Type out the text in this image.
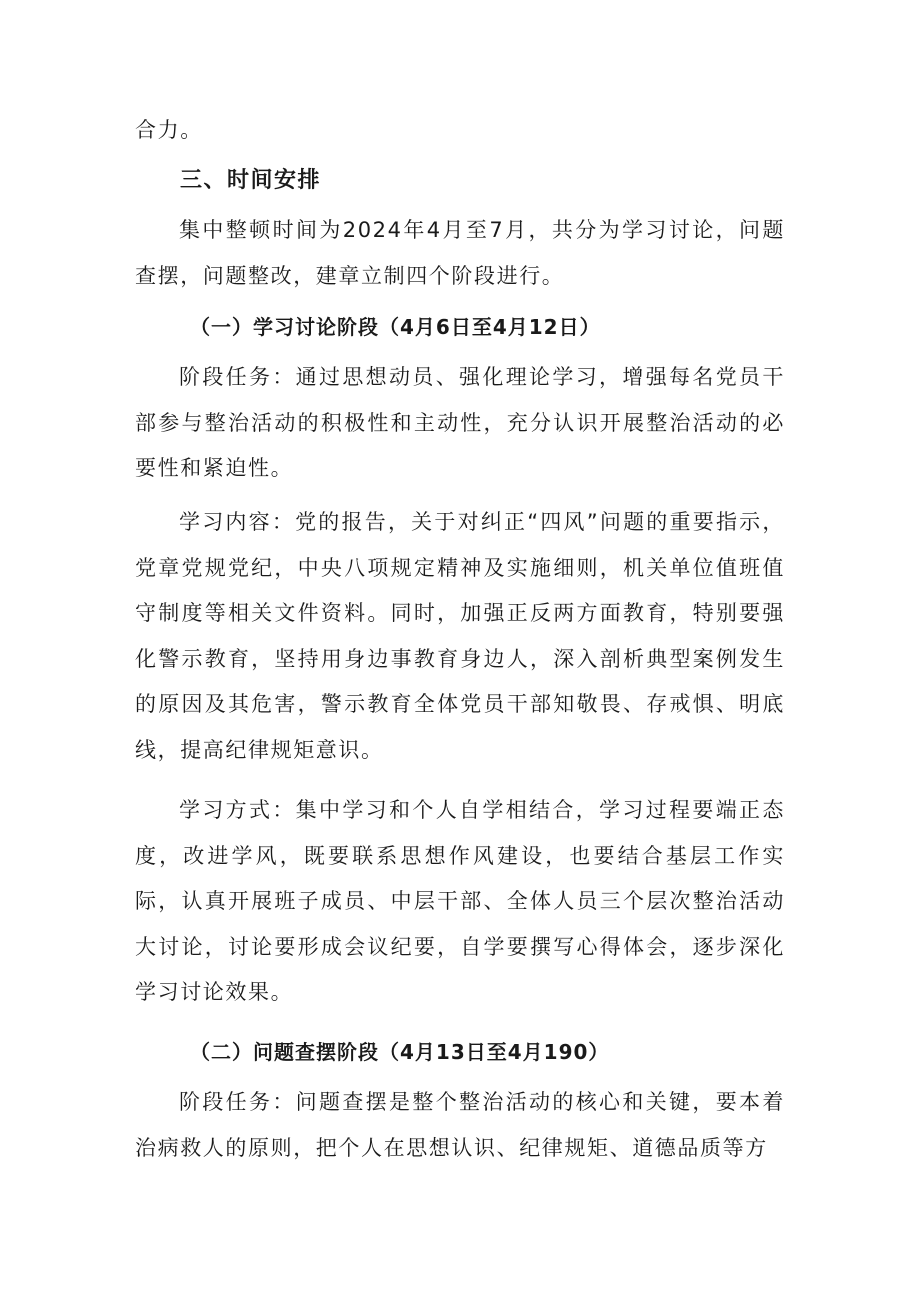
合力。

三、时间安排

集中整顿时间为2024年4月至7月，共分为学习讨论，问题查摆，问题整改，建章立制四个阶段进行。

（一）学习讨论阶段（4月6日至4月12日）

阶段任务：通过思想动员、强化理论学习，增强每名党员干部参与整治活动的积极性和主动性，充分认识开展整治活动的必要性和紧迫性。

学习内容：党的报告，关于对纠正“四风”问题的重要指示，党章党规党纪，中央八项规定精神及实施细则，机关单位值班值守制度等相关文件资料。同时，加强正反两方面教育，特别要强化警示教育，坚持用身边事教育身边人，深入剖析典型案例发生的原因及其危害，警示教育全体党员干部知敬畏、存戒惧、明底线，提高纪律规矩意识。

学习方式：集中学习和个人自学相结合，学习过程要端正态度，改进学风，既要联系思想作风建设，也要结合基层工作实际，认真开展班子成员、中层干部、全体人员三个层次整治活动大讨论，讨论要形成会议纪要，自学要撰写心得体会，逐步深化学习讨论效果。

（二）问题查摆阶段（4月13日至4月190）

阶段任务：问题查摆是整个整治活动的核心和关键，要本着治病救人的原则，把个人在思想认识、纪律规矩、道德品质等方
